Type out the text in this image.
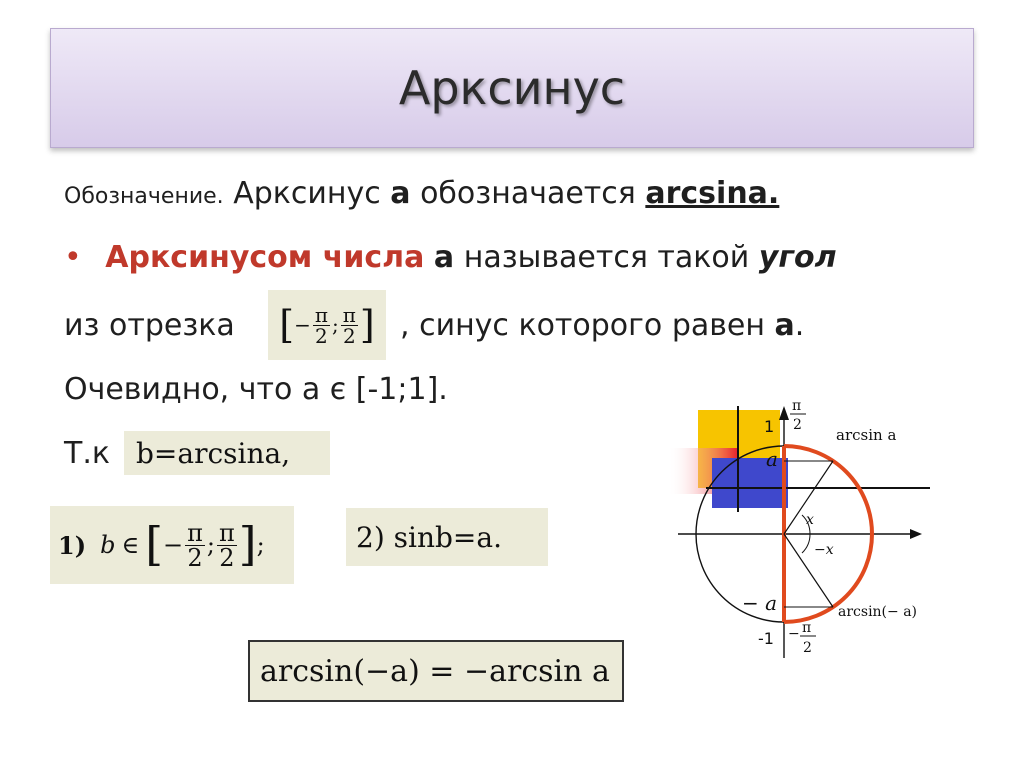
Арксинус
Обозначение. Арксинус а обозначается arcsina.
• Арксинусом числа а называется такой угол
из отрезка [ − $\frac{\pi}{2}$ ; $\frac{\pi}{2}$ ] , синус которого равен а.
Очевидно, что а є [-1;1].
Т.к b=arcsina,
1) b ∈ [ − $\frac{\pi}{2}$ ; $\frac{\pi}{2}$ ] ;	2) sinb=a.
arcsin(−a) = −arcsin a
1
-1
a
− a
π
2
− π
2
arcsin a
arcsin(− a)
x
−x
